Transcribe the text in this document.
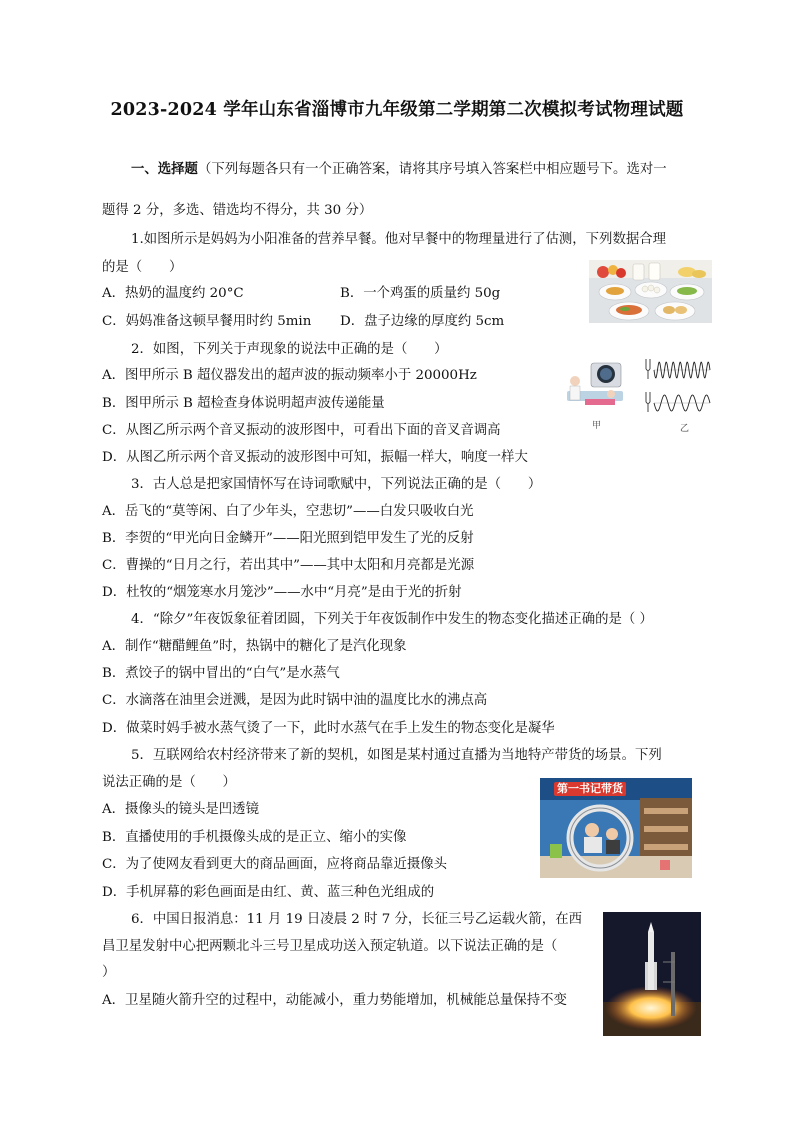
2023-2024 学年山东省淄博市九年级第二学期第二次模拟考试物理试题
一、选择题（下列每题各只有一个正确答案，请将其序号填入答案栏中相应题号下。选对一
题得 2 分，多选、错选均不得分，共 30 分）
1.如图所示是妈妈为小阳准备的营养早餐。他对早餐中的物理量进行了估测，下列数据合理
的是（　　）
A．热奶的温度约 20°C	B．一个鸡蛋的质量约 50g
C．妈妈准备这顿早餐用时约 5min D．盘子边缘的厚度约 5cm
2．如图，下列关于声现象的说法中正确的是（　　）
A．图甲所示 B 超仪器发出的超声波的振动频率小于 20000Hz
B．图甲所示 B 超检查身体说明超声波传递能量
C．从图乙所示两个音叉振动的波形图中，可看出下面的音叉音调高
D．从图乙所示两个音叉振动的波形图中可知，振幅一样大，响度一样大
甲	乙
3．古人总是把家国情怀写在诗词歌赋中，下列说法正确的是（　　）
A．岳飞的“莫等闲、白了少年头，空悲切”——白发只吸收白光
B．李贺的“甲光向日金鳞开”——阳光照到铠甲发生了光的反射
C．曹操的“日月之行，若出其中”——其中太阳和月亮都是光源
D．杜牧的“烟笼寒水月笼沙”——水中“月亮”是由于光的折射
4．“除夕”年夜饭象征着团圆，下列关于年夜饭制作中发生的物态变化描述正确的是（ ）
A．制作“糖醋鲤鱼”时，热锅中的糖化了是汽化现象
B．煮饺子的锅中冒出的“白气”是水蒸气
C．水滴落在油里会迸溅，是因为此时锅中油的温度比水的沸点高
D．做菜时妈手被水蒸气烫了一下，此时水蒸气在手上发生的物态变化是凝华
5．互联网给农村经济带来了新的契机，如图是某村通过直播为当地特产带货的场景。下列
说法正确的是（　　）
A．摄像头的镜头是凹透镜
B．直播使用的手机摄像头成的是正立、缩小的实像
C．为了使网友看到更大的商品画面，应将商品靠近摄像头
D．手机屏幕的彩色画面是由红、黄、蓝三种色光组成的
第一书记带货
6．中国日报消息：11 月 19 日凌晨 2 时 7 分，长征三号乙运载火箭，在西
昌卫星发射中心把两颗北斗三号卫星成功送入预定轨道。以下说法正确的是（
）
A．卫星随火箭升空的过程中，动能减小，重力势能增加，机械能总量保持不变
